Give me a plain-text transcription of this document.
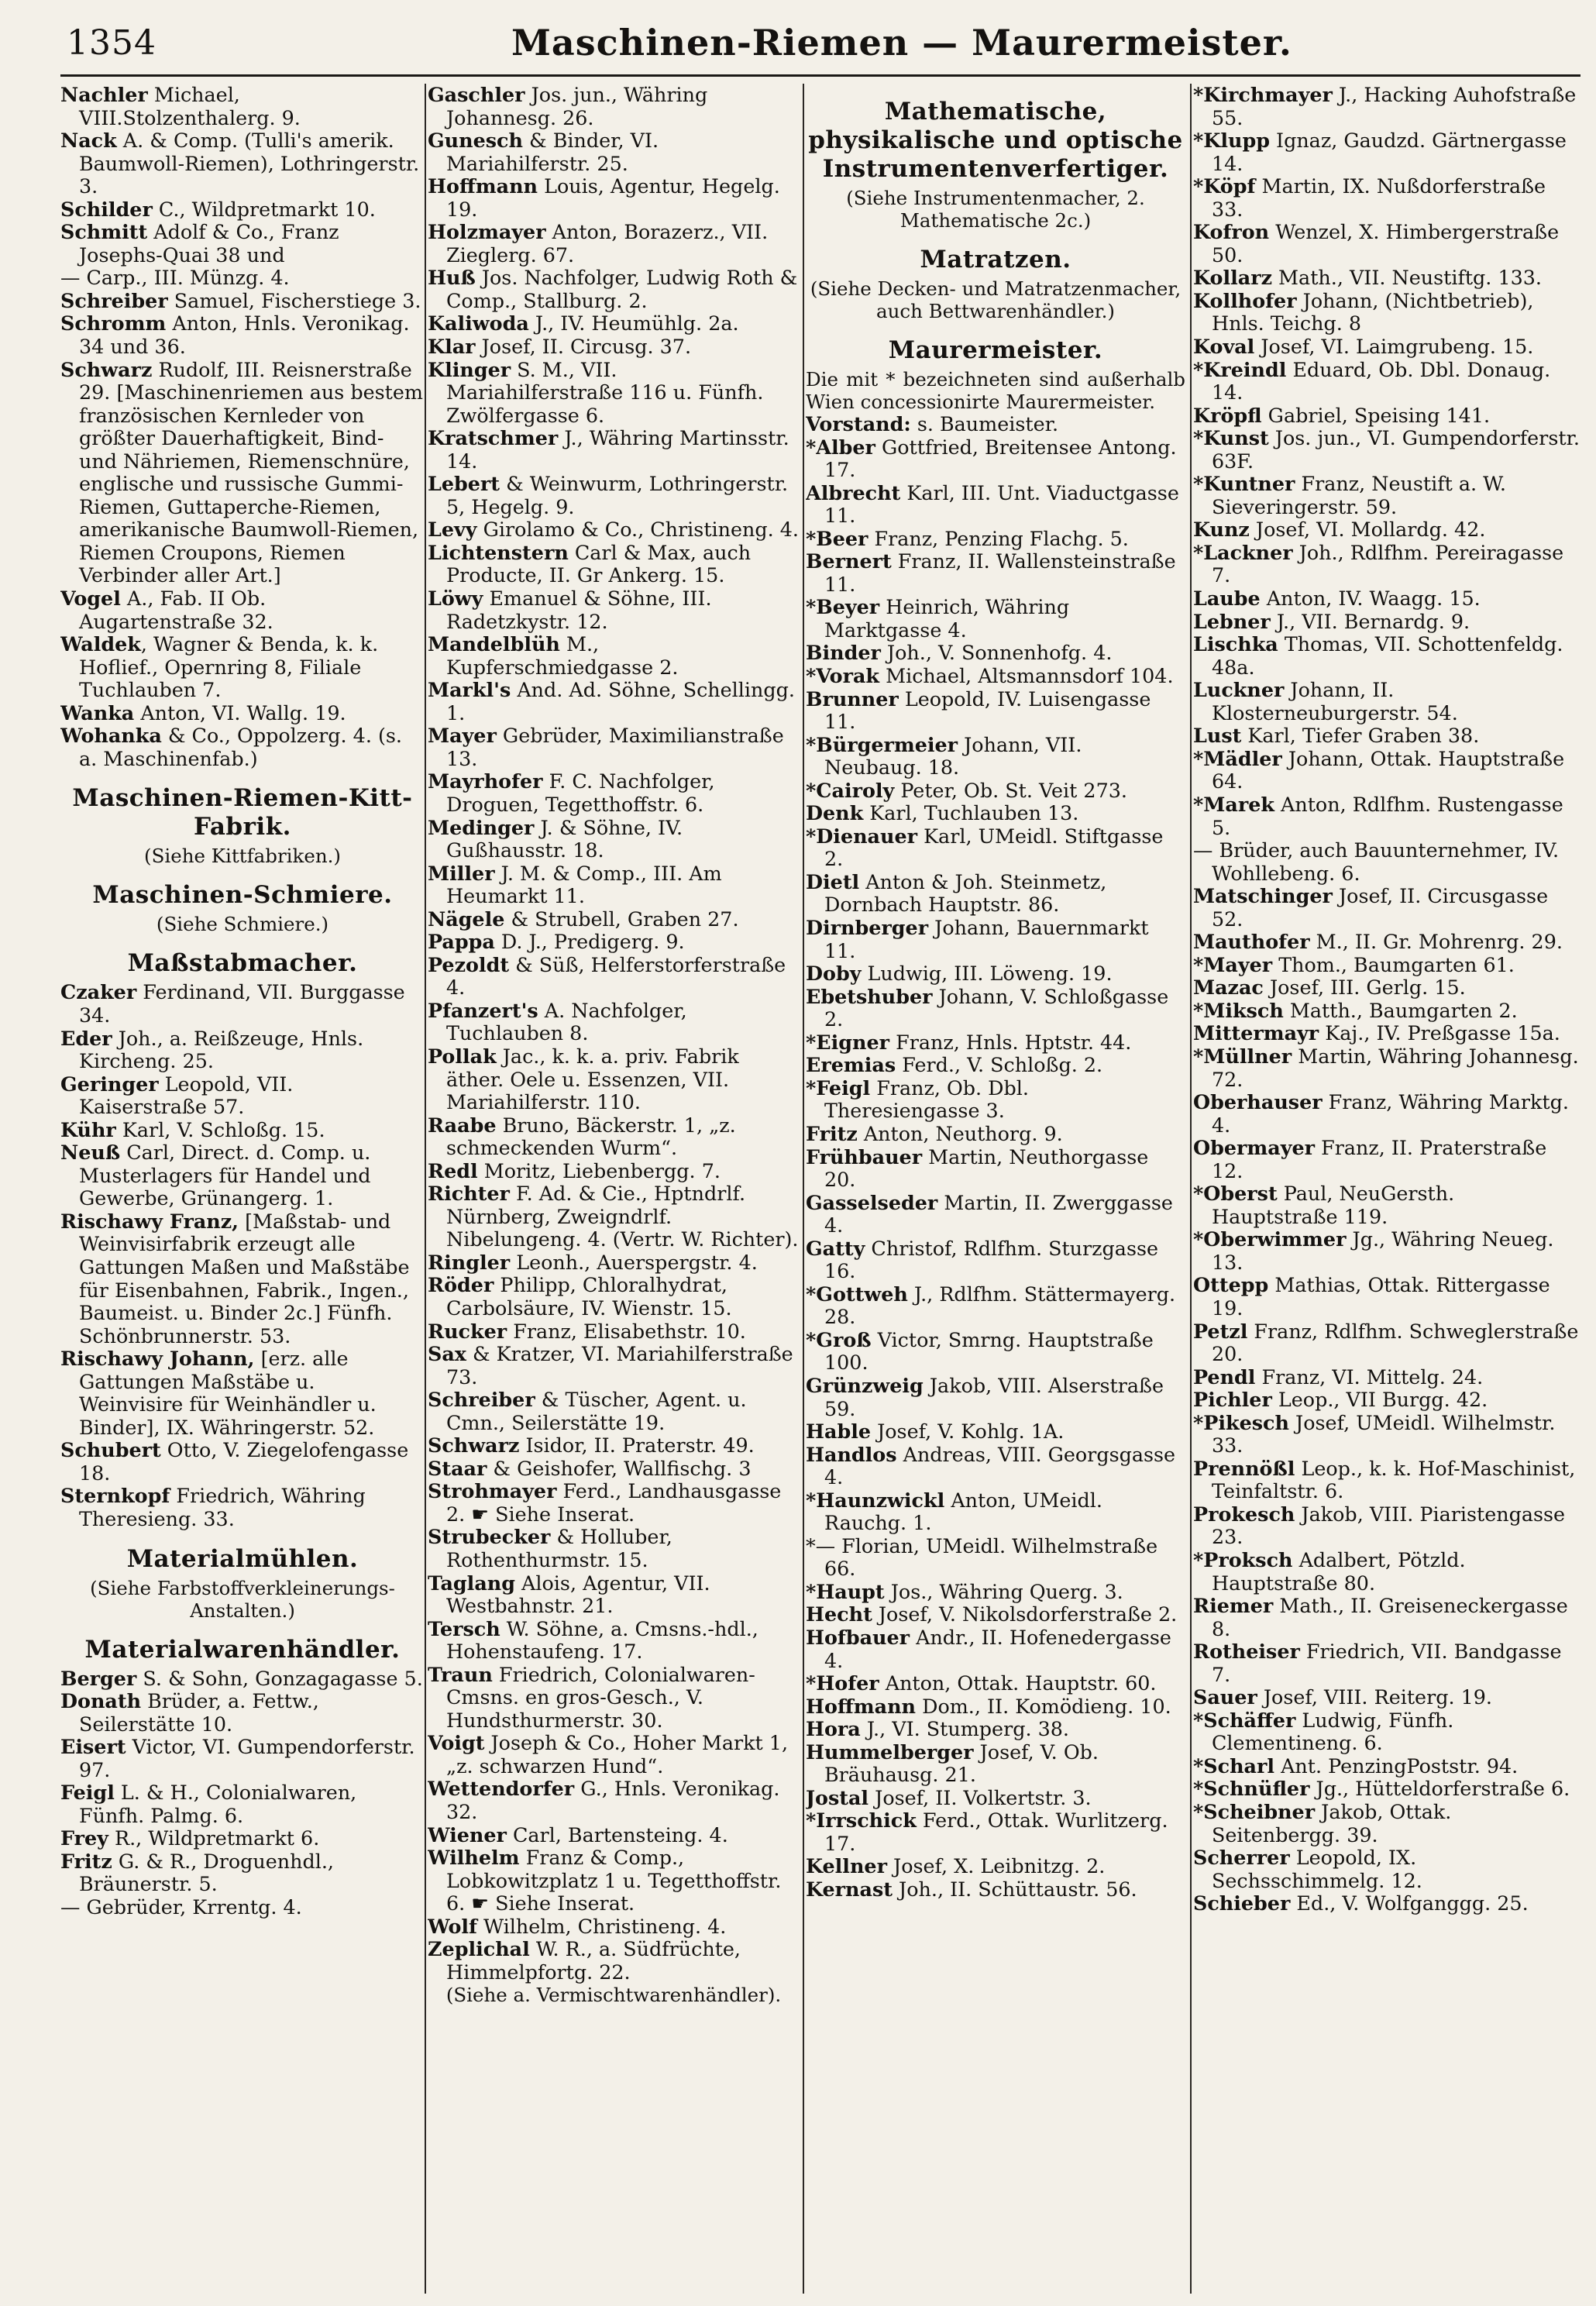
1354	Maschinen-Riemen — Maurermeister.

Nachler Michael, VIII.Stolzenthalerg. 9.

Nack A. & Comp. (Tulli's amerik. Baumwoll-Riemen), Lothringerstr. 3.

Schilder C., Wildpretmarkt 10.

Schmitt Adolf & Co., Franz Josephs-Quai 38 und

— Carp., III. Münzg. 4.

Schreiber Samuel, Fischerstiege 3.

Schromm Anton, Hnls. Veronikag. 34 und 36.

Schwarz Rudolf, III. Reisnerstraße 29. [Maschinenriemen aus bestem französischen Kernleder von größter Dauerhaftigkeit, Bind- und Nähriemen, Riemenschnüre, englische und russische Gummi-Riemen, Guttaperche-Riemen, amerikanische Baumwoll-Riemen, Riemen Croupons, Riemen Verbinder aller Art.]

Vogel A., Fab. II Ob. Augartenstraße 32.

Waldek, Wagner & Benda, k. k. Hoflief., Opernring 8, Filiale Tuchlauben 7.

Wanka Anton, VI. Wallg. 19.

Wohanka & Co., Oppolzerg. 4. (s. a. Maschinenfab.)

Maschinen-Riemen-Kitt-Fabrik.

(Siehe Kittfabriken.)

Maschinen-Schmiere.

(Siehe Schmiere.)

Maßstabmacher.

Czaker Ferdinand, VII. Burggasse 34.

Eder Joh., a. Reißzeuge, Hnls. Kircheng. 25.

Geringer Leopold, VII. Kaiserstraße 57.

Kühr Karl, V. Schloßg. 15.

Neuß Carl, Direct. d. Comp. u. Musterlagers für Handel und Gewerbe, Grünangerg. 1.

Rischawy Franz, [Maßstab- und Weinvisirfabrik erzeugt alle Gattungen Maßen und Maßstäbe für Eisenbahnen, Fabrik., Ingen., Baumeist. u. Binder 2c.] Fünfh. Schönbrunnerstr. 53.

Rischawy Johann, [erz. alle Gattungen Maßstäbe u. Weinvisire für Weinhändler u. Binder], IX. Währingerstr. 52.

Schubert Otto, V. Ziegelofengasse 18.

Sternkopf Friedrich, Währing Theresieng. 33.

Materialmühlen.

(Siehe Farbstoffverkleinerungs-Anstalten.)

Materialwarenhändler.

Berger S. & Sohn, Gonzagagasse 5.

Donath Brüder, a. Fettw., Seilerstätte 10.

Eisert Victor, VI. Gumpendorferstr. 97.

Feigl L. & H., Colonialwaren, Fünfh. Palmg. 6.

Frey R., Wildpretmarkt 6.

Fritz G. & R., Droguenhdl., Bräunerstr. 5.

— Gebrüder, Krrentg. 4.

Gaschler Jos. jun., Währing Johannesg. 26.

Gunesch & Binder, VI. Mariahilferstr. 25.

Hoffmann Louis, Agentur, Hegelg. 19.

Holzmayer Anton, Borazerz., VII. Zieglerg. 67.

Huß Jos. Nachfolger, Ludwig Roth & Comp., Stallburg. 2.

Kaliwoda J., IV. Heumühlg. 2a.

Klar Josef, II. Circusg. 37.

Klinger S. M., VII. Mariahilferstraße 116 u. Fünfh. Zwölfergasse 6.

Kratschmer J., Währing Martinsstr. 14.

Lebert & Weinwurm, Lothringerstr. 5, Hegelg. 9.

Levy Girolamo & Co., Christineng. 4.

Lichtenstern Carl & Max, auch Producte, II. Gr Ankerg. 15.

Löwy Emanuel & Söhne, III. Radetzkystr. 12.

Mandelblüh M., Kupferschmiedgasse 2.

Markl's And. Ad. Söhne, Schellingg. 1.

Mayer Gebrüder, Maximilianstraße 13.

Mayrhofer F. C. Nachfolger, Droguen, Tegetthoffstr. 6.

Medinger J. & Söhne, IV. Gußhausstr. 18.

Miller J. M. & Comp., III. Am Heumarkt 11.

Nägele & Strubell, Graben 27.

Pappa D. J., Predigerg. 9.

Pezoldt & Süß, Helferstorferstraße 4.

Pfanzert's A. Nachfolger, Tuchlauben 8.

Pollak Jac., k. k. a. priv. Fabrik äther. Oele u. Essenzen, VII. Mariahilferstr. 110.

Raabe Bruno, Bäckerstr. 1, „z. schmeckenden Wurm“.

Redl Moritz, Liebenbergg. 7.

Richter F. Ad. & Cie., Hptndrlf. Nürnberg, Zweigndrlf. Nibelungeng. 4. (Vertr. W. Richter).

Ringler Leonh., Auerspergstr. 4.

Röder Philipp, Chloralhydrat, Carbolsäure, IV. Wienstr. 15.

Rucker Franz, Elisabethstr. 10.

Sax & Kratzer, VI. Mariahilferstraße 73.

Schreiber & Tüscher, Agent. u. Cmn., Seilerstätte 19.

Schwarz Isidor, II. Praterstr. 49.

Staar & Geishofer, Wallfischg. 3

Strohmayer Ferd., Landhausgasse 2. ☛ Siehe Inserat.

Strubecker & Holluber, Rothenthurmstr. 15.

Taglang Alois, Agentur, VII. Westbahnstr. 21.

Tersch W. Söhne, a. Cmsns.-hdl., Hohenstaufeng. 17.

Traun Friedrich, Colonialwaren-Cmsns. en gros-Gesch., V. Hundsthurmerstr. 30.

Voigt Joseph & Co., Hoher Markt 1, „z. schwarzen Hund“.

Wettendorfer G., Hnls. Veronikag. 32.

Wiener Carl, Bartensteing. 4.

Wilhelm Franz & Comp., Lobkowitzplatz 1 u. Tegetthoffstr. 6. ☛ Siehe Inserat.

Wolf Wilhelm, Christineng. 4.

Zeplichal W. R., a. Südfrüchte, Himmelpfortg. 22.

(Siehe a. Vermischtwarenhändler).

Mathematische, physikalische und optische Instrumentenverfertiger.

(Siehe Instrumentenmacher, 2. Mathematische 2c.)

Matratzen.

(Siehe Decken- und Matratzenmacher, auch Bettwarenhändler.)

Maurermeister.

Die mit * bezeichneten sind außerhalb Wien concessionirte Maurermeister.

Vorstand: s. Baumeister.

*Alber Gottfried, Breitensee Antong. 17.

Albrecht Karl, III. Unt. Viaductgasse 11.

*Beer Franz, Penzing Flachg. 5.

Bernert Franz, II. Wallensteinstraße 11.

*Beyer Heinrich, Währing Marktgasse 4.

Binder Joh., V. Sonnenhofg. 4.

*Vorak Michael, Altsmannsdorf 104.

Brunner Leopold, IV. Luisengasse 11.

*Bürgermeier Johann, VII. Neubaug. 18.

*Cairoly Peter, Ob. St. Veit 273.

Denk Karl, Tuchlauben 13.

*Dienauer Karl, UMeidl. Stiftgasse 2.

Dietl Anton & Joh. Steinmetz, Dornbach Hauptstr. 86.

Dirnberger Johann, Bauernmarkt 11.

Doby Ludwig, III. Löweng. 19.

Ebetshuber Johann, V. Schloßgasse 2.

*Eigner Franz, Hnls. Hptstr. 44.

Eremias Ferd., V. Schloßg. 2.

*Feigl Franz, Ob. Dbl. Theresiengasse 3.

Fritz Anton, Neuthorg. 9.

Frühbauer Martin, Neuthorgasse 20.

Gasselseder Martin, II. Zwerggasse 4.

Gatty Christof, Rdlfhm. Sturzgasse 16.

*Gottweh J., Rdlfhm. Stättermayerg. 28.

*Groß Victor, Smrng. Hauptstraße 100.

Grünzweig Jakob, VIII. Alserstraße 59.

Hable Josef, V. Kohlg. 1A.

Handlos Andreas, VIII. Georgsgasse 4.

*Haunzwickl Anton, UMeidl. Rauchg. 1.

*— Florian, UMeidl. Wilhelmstraße 66.

*Haupt Jos., Währing Querg. 3.

Hecht Josef, V. Nikolsdorferstraße 2.

Hofbauer Andr., II. Hofenedergasse 4.

*Hofer Anton, Ottak. Hauptstr. 60.

Hoffmann Dom., II. Komödieng. 10.

Hora J., VI. Stumperg. 38.

Hummelberger Josef, V. Ob. Bräuhausg. 21.

Jostal Josef, II. Volkertstr. 3.

*Irrschick Ferd., Ottak. Wurlitzerg. 17.

Kellner Josef, X. Leibnitzg. 2.

Kernast Joh., II. Schüttaustr. 56.

*Kirchmayer J., Hacking Auhofstraße 55.

*Klupp Ignaz, Gaudzd. Gärtnergasse 14.

*Köpf Martin, IX. Nußdorferstraße 33.

Kofron Wenzel, X. Himbergerstraße 50.

Kollarz Math., VII. Neustiftg. 133.

Kollhofer Johann, (Nichtbetrieb), Hnls. Teichg. 8

Koval Josef, VI. Laimgrubeng. 15.

*Kreindl Eduard, Ob. Dbl. Donaug. 14.

Kröpfl Gabriel, Speising 141.

*Kunst Jos. jun., VI. Gumpendorferstr. 63F.

*Kuntner Franz, Neustift a. W. Sieveringerstr. 59.

Kunz Josef, VI. Mollardg. 42.

*Lackner Joh., Rdlfhm. Pereiragasse 7.

Laube Anton, IV. Waagg. 15.

Lebner J., VII. Bernardg. 9.

Lischka Thomas, VII. Schottenfeldg. 48a.

Luckner Johann, II. Klosterneuburgerstr. 54.

Lust Karl, Tiefer Graben 38.

*Mädler Johann, Ottak. Hauptstraße 64.

*Marek Anton, Rdlfhm. Rustengasse 5.

— Brüder, auch Bauunternehmer, IV. Wohllebeng. 6.

Matschinger Josef, II. Circusgasse 52.

Mauthofer M., II. Gr. Mohrenrg. 29.

*Mayer Thom., Baumgarten 61.

Mazac Josef, III. Gerlg. 15.

*Miksch Matth., Baumgarten 2.

Mittermayr Kaj., IV. Preßgasse 15a.

*Müllner Martin, Währing Johannesg. 72.

Oberhauser Franz, Währing Marktg. 4.

Obermayer Franz, II. Praterstraße 12.

*Oberst Paul, NeuGersth. Hauptstraße 119.

*Oberwimmer Jg., Währing Neueg. 13.

Ottepp Mathias, Ottak. Rittergasse 19.

Petzl Franz, Rdlfhm. Schweglerstraße 20.

Pendl Franz, VI. Mittelg. 24.

Pichler Leop., VII Burgg. 42.

*Pikesch Josef, UMeidl. Wilhelmstr. 33.

Prennößl Leop., k. k. Hof-Maschinist, Teinfaltstr. 6.

Prokesch Jakob, VIII. Piaristengasse 23.

*Proksch Adalbert, Pötzld. Hauptstraße 80.

Riemer Math., II. Greiseneckergasse 8.

Rotheiser Friedrich, VII. Bandgasse 7.

Sauer Josef, VIII. Reiterg. 19.

*Schäffer Ludwig, Fünfh. Clementineng. 6.

*Scharl Ant. PenzingPoststr. 94.

*Schnüfler Jg., Hütteldorferstraße 6.

*Scheibner Jakob, Ottak. Seitenbergg. 39.

Scherrer Leopold, IX. Sechsschimmelg. 12.

Schieber Ed., V. Wolfganggg. 25.
